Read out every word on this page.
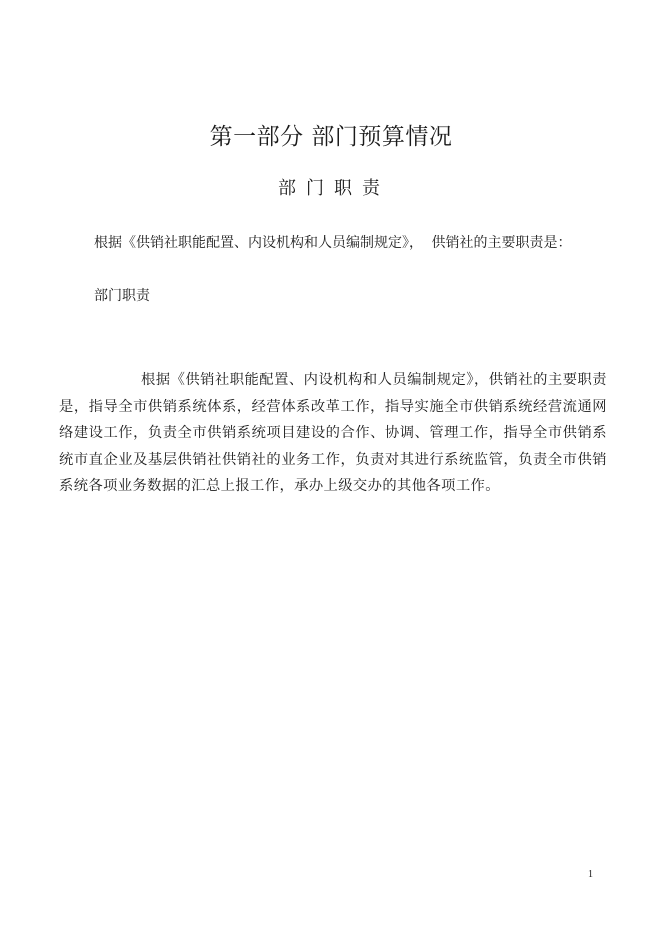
第一部分 部门预算情况
部门职责

根据《供销社职能配置、内设机构和人员编制规定》， 供销社的主要职责是：

部门职责

根据《供销社职能配置、内设机构和人员编制规定》，供销社的主要职责是，指导全市供销系统体系，经营体系改革工作，指导实施全市供销系统经营流通网络建设工作，负责全市供销系统项目建设的合作、协调、管理工作，指导全市供销系统市直企业及基层供销社供销社的业务工作，负责对其进行系统监管，负责全市供销系统各项业务数据的汇总上报工作，承办上级交办的其他各项工作。

1
